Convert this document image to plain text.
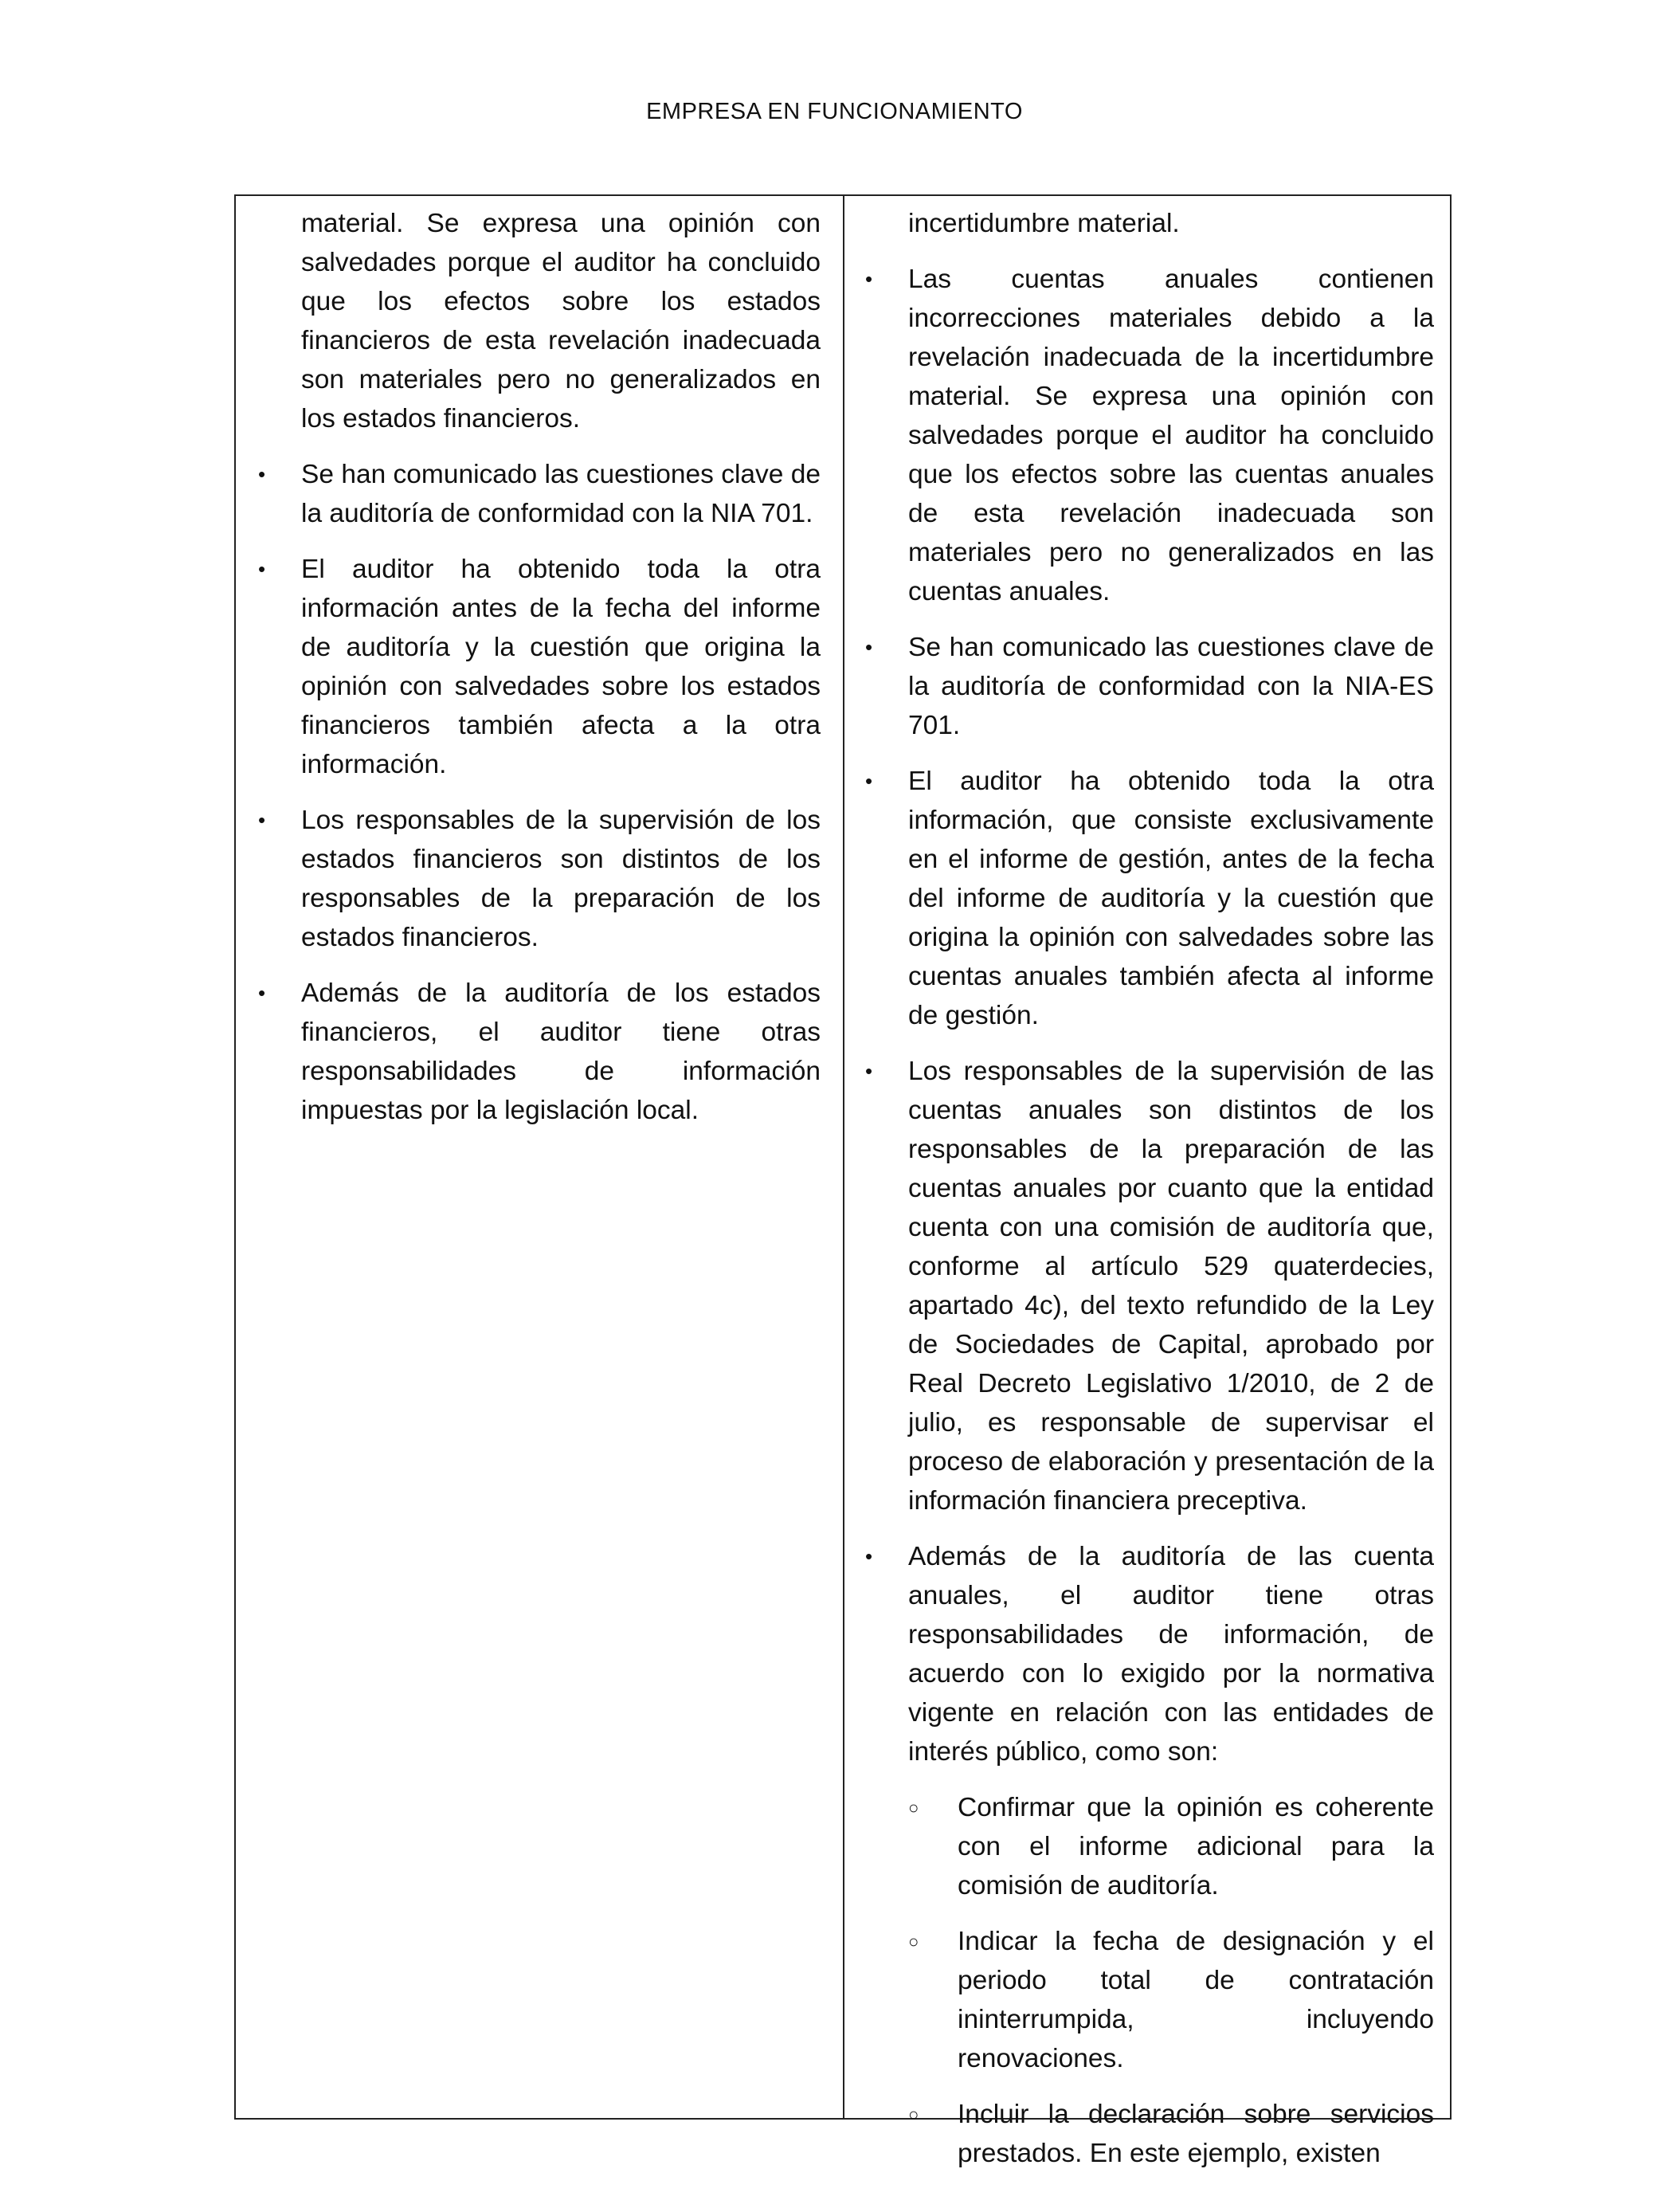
EMPRESA EN FUNCIONAMIENTO

material. Se expresa una opinión con salvedades porque el auditor ha concluido que los efectos sobre los estados financieros de esta revelación inadecuada son materiales pero no generalizados en los estados financieros.

• Se han comunicado las cuestiones clave de la auditoría de conformidad con la NIA 701.

• El auditor ha obtenido toda la otra información antes de la fecha del informe de auditoría y la cuestión que origina la opinión con salvedades sobre los estados financieros también afecta a la otra información.

• Los responsables de la supervisión de los estados financieros son distintos de los responsables de la preparación de los estados financieros.

• Además de la auditoría de los estados financieros, el auditor tiene otras responsabilidades de información impuestas por la legislación local.

incertidumbre material.

• Las cuentas anuales contienen incorrecciones materiales debido a la revelación inadecuada de la incertidumbre material. Se expresa una opinión con salvedades porque el auditor ha concluido que los efectos sobre las cuentas anuales de esta revelación inadecuada son materiales pero no generalizados en las cuentas anuales.

• Se han comunicado las cuestiones clave de la auditoría de conformidad con la NIA-ES 701.

• El auditor ha obtenido toda la otra información, que consiste exclusivamente en el informe de gestión, antes de la fecha del informe de auditoría y la cuestión que origina la opinión con salvedades sobre las cuentas anuales también afecta al informe de gestión.

• Los responsables de la supervisión de las cuentas anuales son distintos de los responsables de la preparación de las cuentas anuales por cuanto que la entidad cuenta con una comisión de auditoría que, conforme al artículo 529 quaterdecies, apartado 4c), del texto refundido de la Ley de Sociedades de Capital, aprobado por Real Decreto Legislativo 1/2010, de 2 de julio, es responsable de supervisar el proceso de elaboración y presentación de la información financiera preceptiva.

• Además de la auditoría de las cuenta anuales, el auditor tiene otras responsabilidades de información, de acuerdo con lo exigido por la normativa vigente en relación con las entidades de interés público, como son:

○ Confirmar que la opinión es coherente con el informe adicional para la comisión de auditoría.

○ Indicar la fecha de designación y el periodo total de contratación ininterrumpida, incluyendo renovaciones.

○ Incluir la declaración sobre servicios prestados. En este ejemplo, existen
